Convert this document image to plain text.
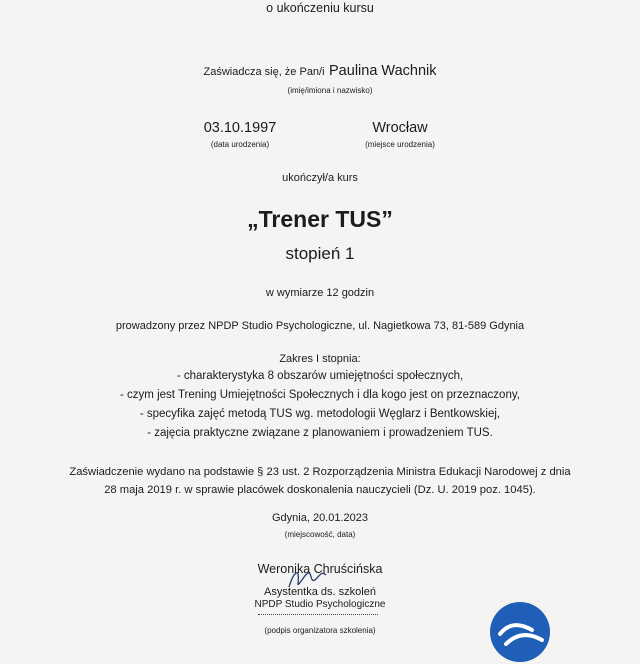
o ukończeniu kursu
Zaświadcza się, że Pan/i Paulina Wachnik
(imię/imiona i nazwisko)
03.10.1997
(data urodzenia)
Wrocław
(miejsce urodzenia)
ukończył/a kurs
„Trener TUS”
stopień 1
w wymiarze 12 godzin
prowadzony przez NPDP Studio Psychologiczne, ul. Nagietkowa 73, 81-589 Gdynia
Zakres I stopnia:
- charakterystyka 8 obszarów umiejętności społecznych,
- czym jest Trening Umiejętności Społecznych i dla kogo jest on przeznaczony,
- specyfika zajęć metodą TUS wg. metodologii Węglarz i Bentkowskiej,
- zajęcia praktyczne związane z planowaniem i prowadzeniem TUS.
Zaświadczenie wydano na podstawie § 23 ust. 2 Rozporządzenia Ministra Edukacji Narodowej z dnia
28 maja 2019 r. w sprawie placówek doskonalenia nauczycieli (Dz. U. 2019 poz. 1045).
Gdynia, 20.01.2023
(miejscowość, data)
Weronika Chruścińska
Asystentka ds. szkoleń
NPDP Studio Psychologiczne
(podpis organizatora szkolenia)
